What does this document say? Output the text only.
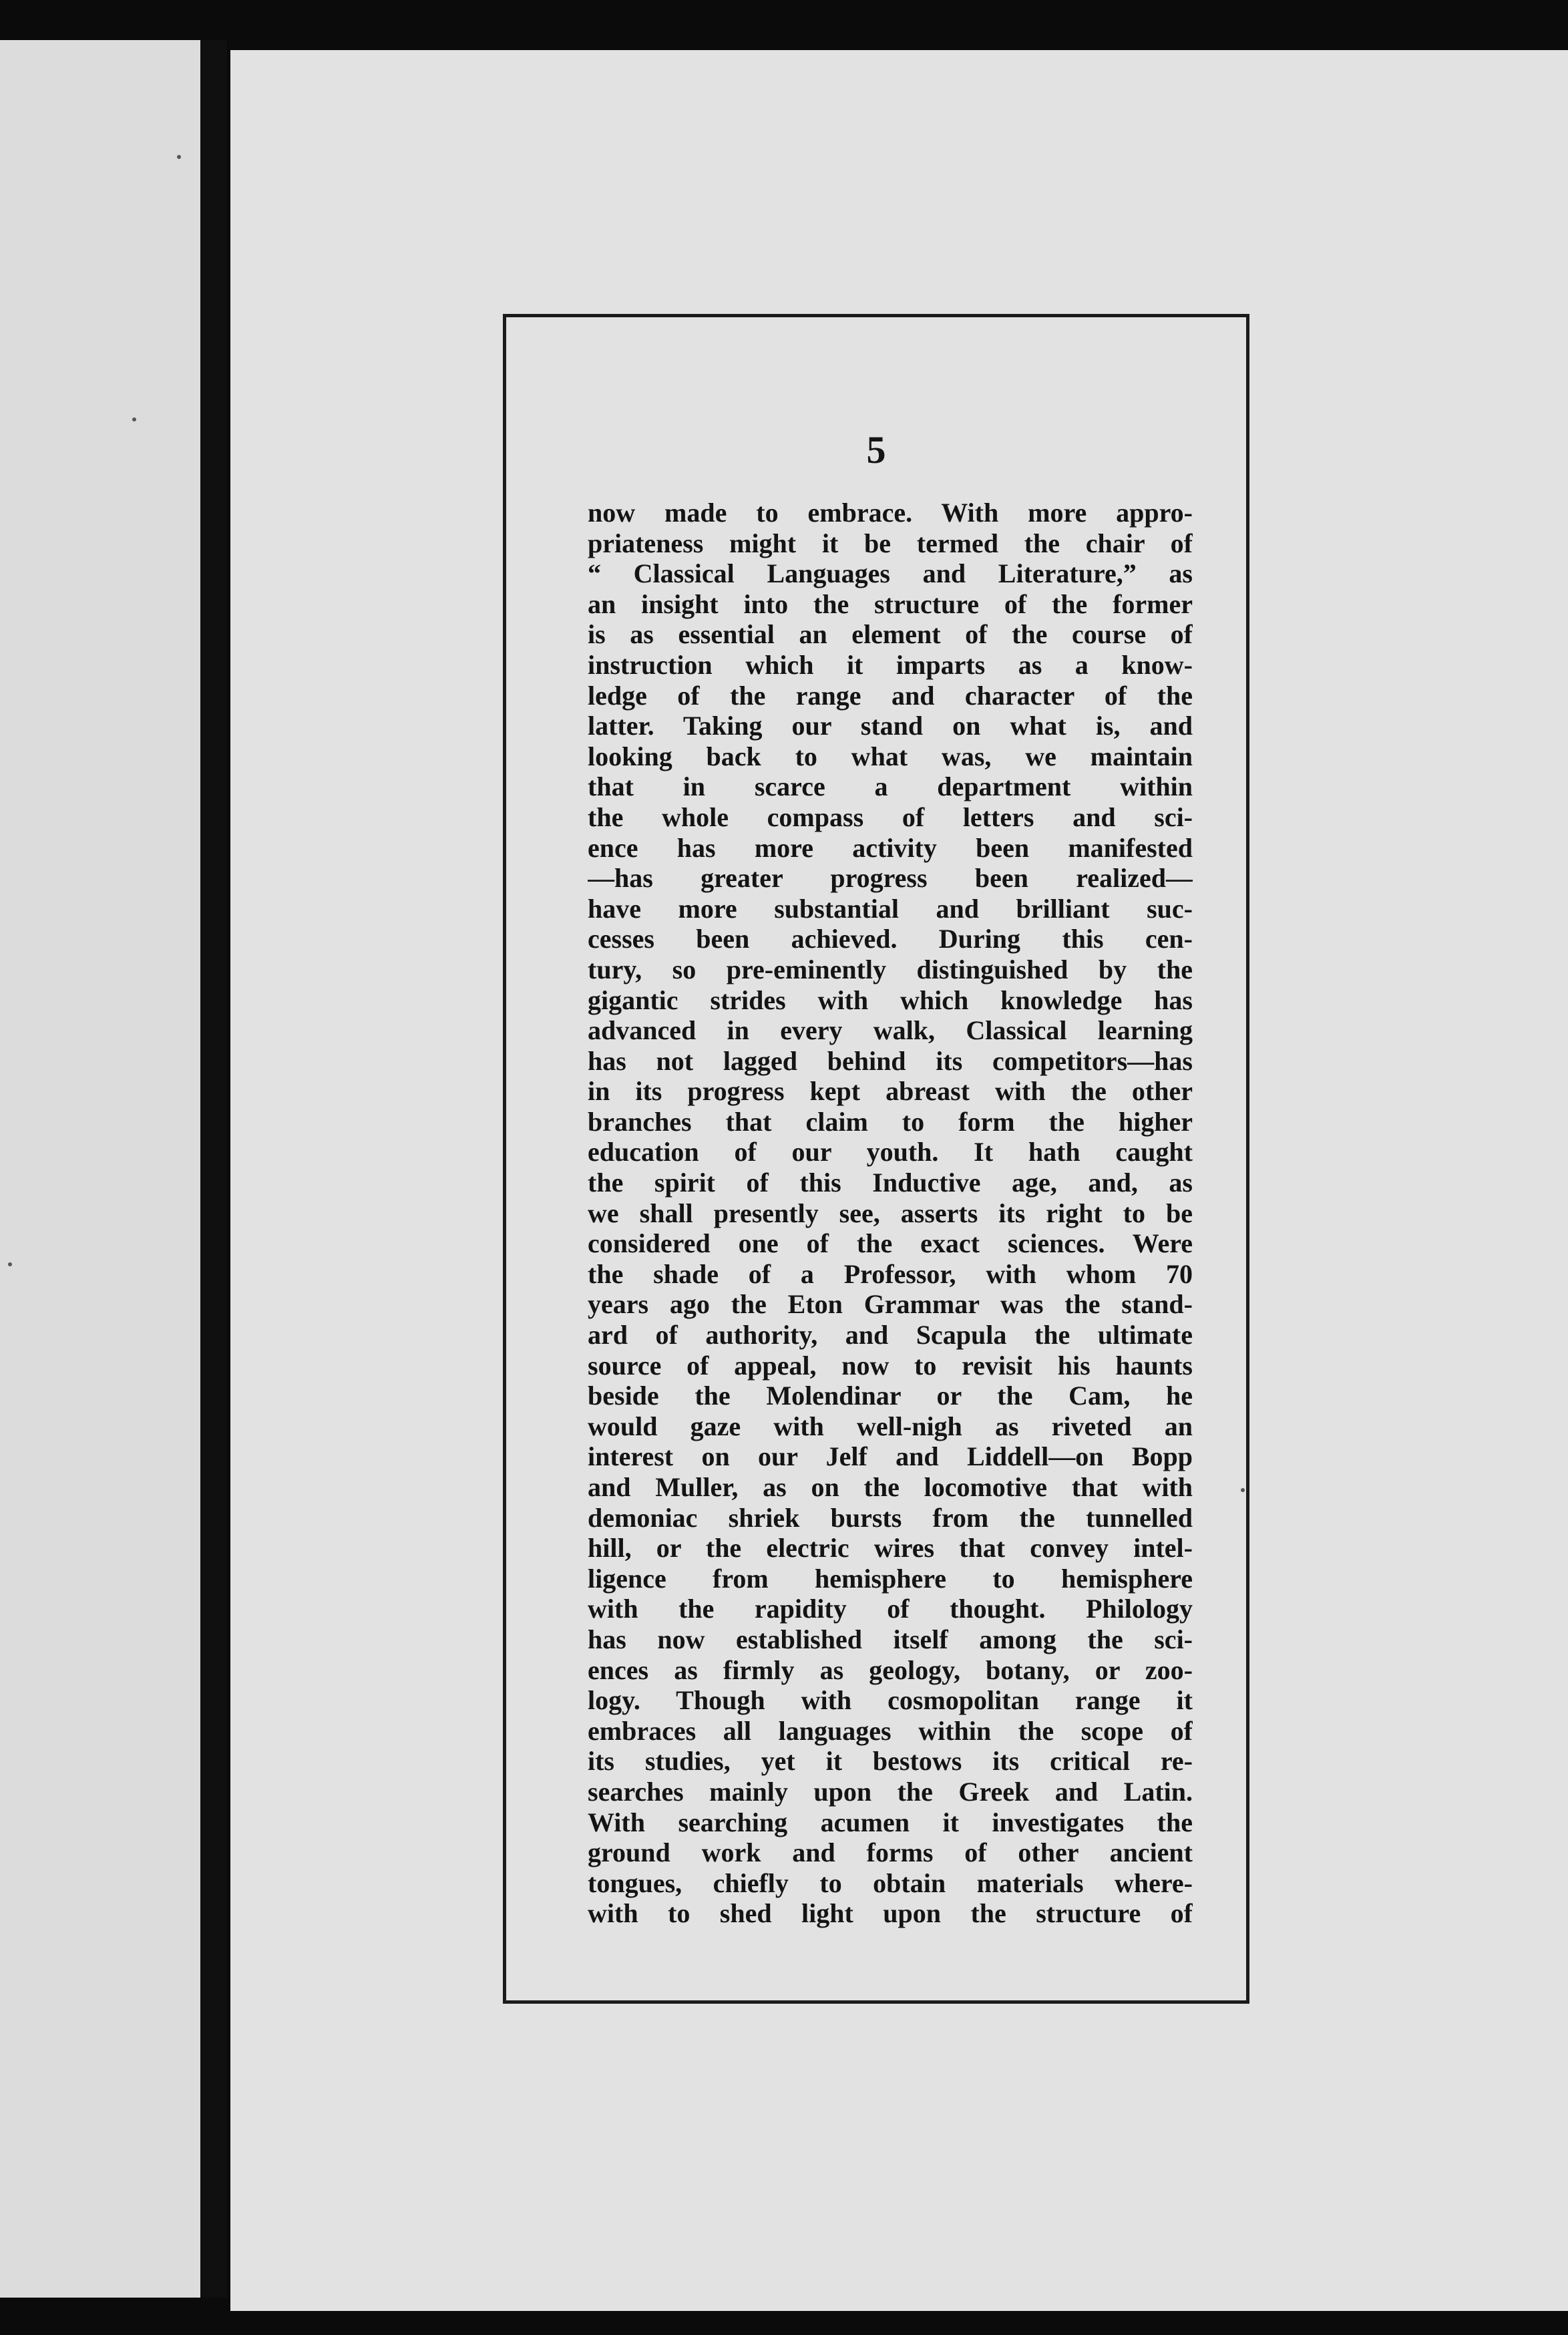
5
now made to embrace. With more appro-
priateness might it be termed the chair of
“ Classical Languages and Literature,” as
an insight into the structure of the former
is as essential an element of the course of
instruction which it imparts as a know-
ledge of the range and character of the
latter. Taking our stand on what is, and
looking back to what was, we maintain
that in scarce a department within
the whole compass of letters and sci-
ence has more activity been manifested
—has greater progress been realized—
have more substantial and brilliant suc-
cesses been achieved. During this cen-
tury, so pre-eminently distinguished by the
gigantic strides with which knowledge has
advanced in every walk, Classical learning
has not lagged behind its competitors—has
in its progress kept abreast with the other
branches that claim to form the higher
education of our youth. It hath caught
the spirit of this Inductive age, and, as
we shall presently see, asserts its right to be
considered one of the exact sciences. Were
the shade of a Professor, with whom 70
years ago the Eton Grammar was the stand-
ard of authority, and Scapula the ultimate
source of appeal, now to revisit his haunts
beside the Molendinar or the Cam, he
would gaze with well-nigh as riveted an
interest on our Jelf and Liddell—on Bopp
and Muller, as on the locomotive that with
demoniac shriek bursts from the tunnelled
hill, or the electric wires that convey intel-
ligence from hemisphere to hemisphere
with the rapidity of thought. Philology
has now established itself among the sci-
ences as firmly as geology, botany, or zoo-
logy. Though with cosmopolitan range it
embraces all languages within the scope of
its studies, yet it bestows its critical re-
searches mainly upon the Greek and Latin.
With searching acumen it investigates the
ground work and forms of other ancient
tongues, chiefly to obtain materials where-
with to shed light upon the structure of
